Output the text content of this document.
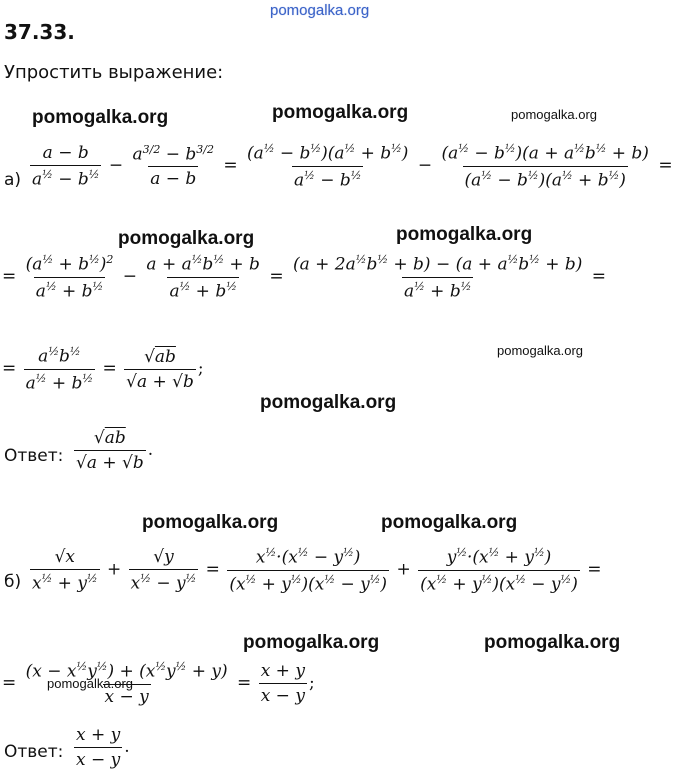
pomogalka.org
37.33.
Упростить выражение:
pomogalka.org	pomogalka.org	pomogalka.org
$а) \frac{a - b}{a^{\frac{1}{2}} - b^{\frac{1}{2}}} - \frac{a^{3/2} - b^{3/2}}{a - b} = \frac{(a^{\frac{1}{2}} - b^{\frac{1}{2}})(a^{\frac{1}{2}} + b^{\frac{1}{2}})}{a^{\frac{1}{2}} - b^{\frac{1}{2}}} - \frac{(a^{\frac{1}{2}} - b^{\frac{1}{2}})(a + a^{\frac{1}{2}}b^{\frac{1}{2}} + b)}{(a^{\frac{1}{2}} - b^{\frac{1}{2}})(a^{\frac{1}{2}} + b^{\frac{1}{2}})}$ =
pomogalka.org	pomogalka.org
= $\frac{(a^{\frac{1}{2}} + b^{\frac{1}{2}})^2}{a^{\frac{1}{2}} + b^{\frac{1}{2}}} - \frac{a + a^{\frac{1}{2}}b^{\frac{1}{2}} + b}{a^{\frac{1}{2}} + b^{\frac{1}{2}}} = \frac{(a + 2a^{\frac{1}{2}}b^{\frac{1}{2}} + b) - (a + a^{\frac{1}{2}}b^{\frac{1}{2}} + b)}{a^{\frac{1}{2}} + b^{\frac{1}{2}}}$ =
= $\frac{a^{\frac{1}{2}}b^{\frac{1}{2}}}{a^{\frac{1}{2}} + b^{\frac{1}{2}}} = \frac{√ab}{√a + √b}$ ;
pomogalka.org
pomogalka.org
Ответ: $\frac{√ab}{√a + √b}$ .
pomogalka.org	pomogalka.org
$б) \frac{√x}{x^{\frac{1}{2}} + y^{\frac{1}{2}}} + \frac{√y}{x^{\frac{1}{2}} - y^{\frac{1}{2}}} = \frac{x^{\frac{1}{2}}\cdot(x^{\frac{1}{2}} - y^{\frac{1}{2}})}{(x^{\frac{1}{2}} + y^{\frac{1}{2}})(x^{\frac{1}{2}} - y^{\frac{1}{2}})} + \frac{y^{\frac{1}{2}}\cdot(x^{\frac{1}{2}} + y^{\frac{1}{2}})}{(x^{\frac{1}{2}} + y^{\frac{1}{2}})(x^{\frac{1}{2}} - y^{\frac{1}{2}})}$ =
pomogalka.org	pomogalka.org
= $\frac{(x - x^{\frac{1}{2}}y^{\frac{1}{2}}) + (x^{\frac{1}{2}}y^{\frac{1}{2}} + y)}{x - y} = \frac{x + y}{x - y}$ ;
pomogalka.org
Ответ: $\frac{x + y}{x - y}$ .
